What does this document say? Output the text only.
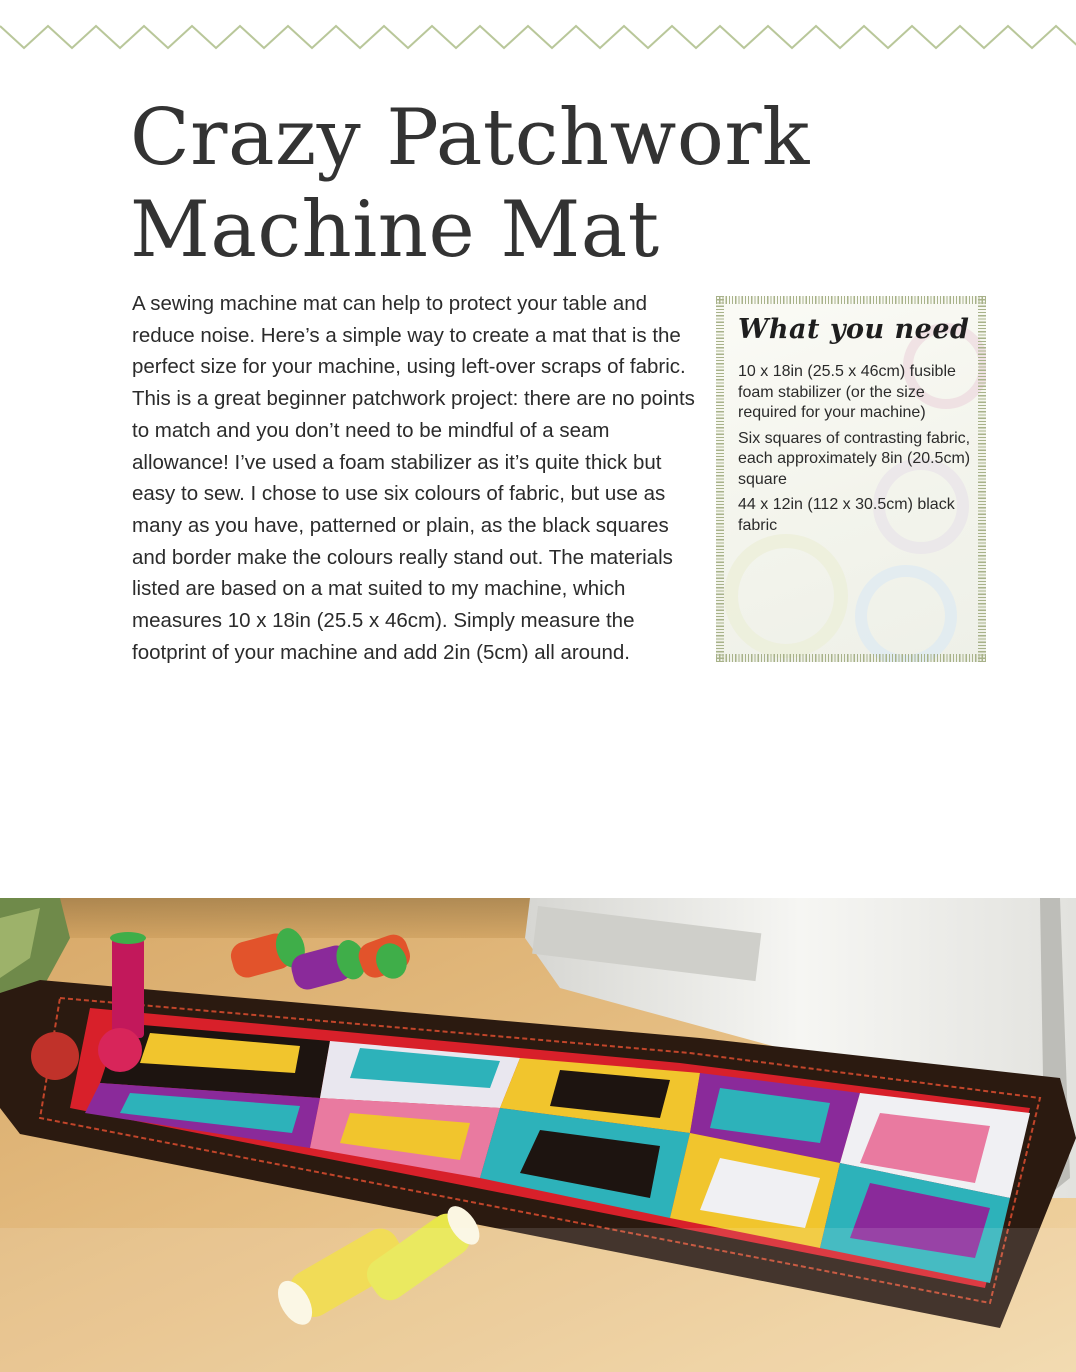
Crazy Patchwork
Machine Mat

A sewing machine mat can help to protect your table and reduce noise. Here’s a simple way to create a mat that is the perfect size for your machine, using left-over scraps of fabric. This is a great beginner patchwork project: there are no points to match and you don’t need to be mindful of a seam allowance! I’ve used a foam stabilizer as it’s quite thick but easy to sew. I chose to use six colours of fabric, but use as many as you have, patterned or plain, as the black squares and border make the colours really stand out. The materials listed are based on a mat suited to my machine, which measures 10 x 18in (25.5 x 46cm). Simply measure the footprint of your machine and add 2in (5cm) all around.

What you need
10 x 18in (25.5 x 46cm) fusible foam stabilizer (or the size required for your machine)
Six squares of contrasting fabric, each approximately 8in (20.5cm) square
44 x 12in (112 x 30.5cm) black fabric
